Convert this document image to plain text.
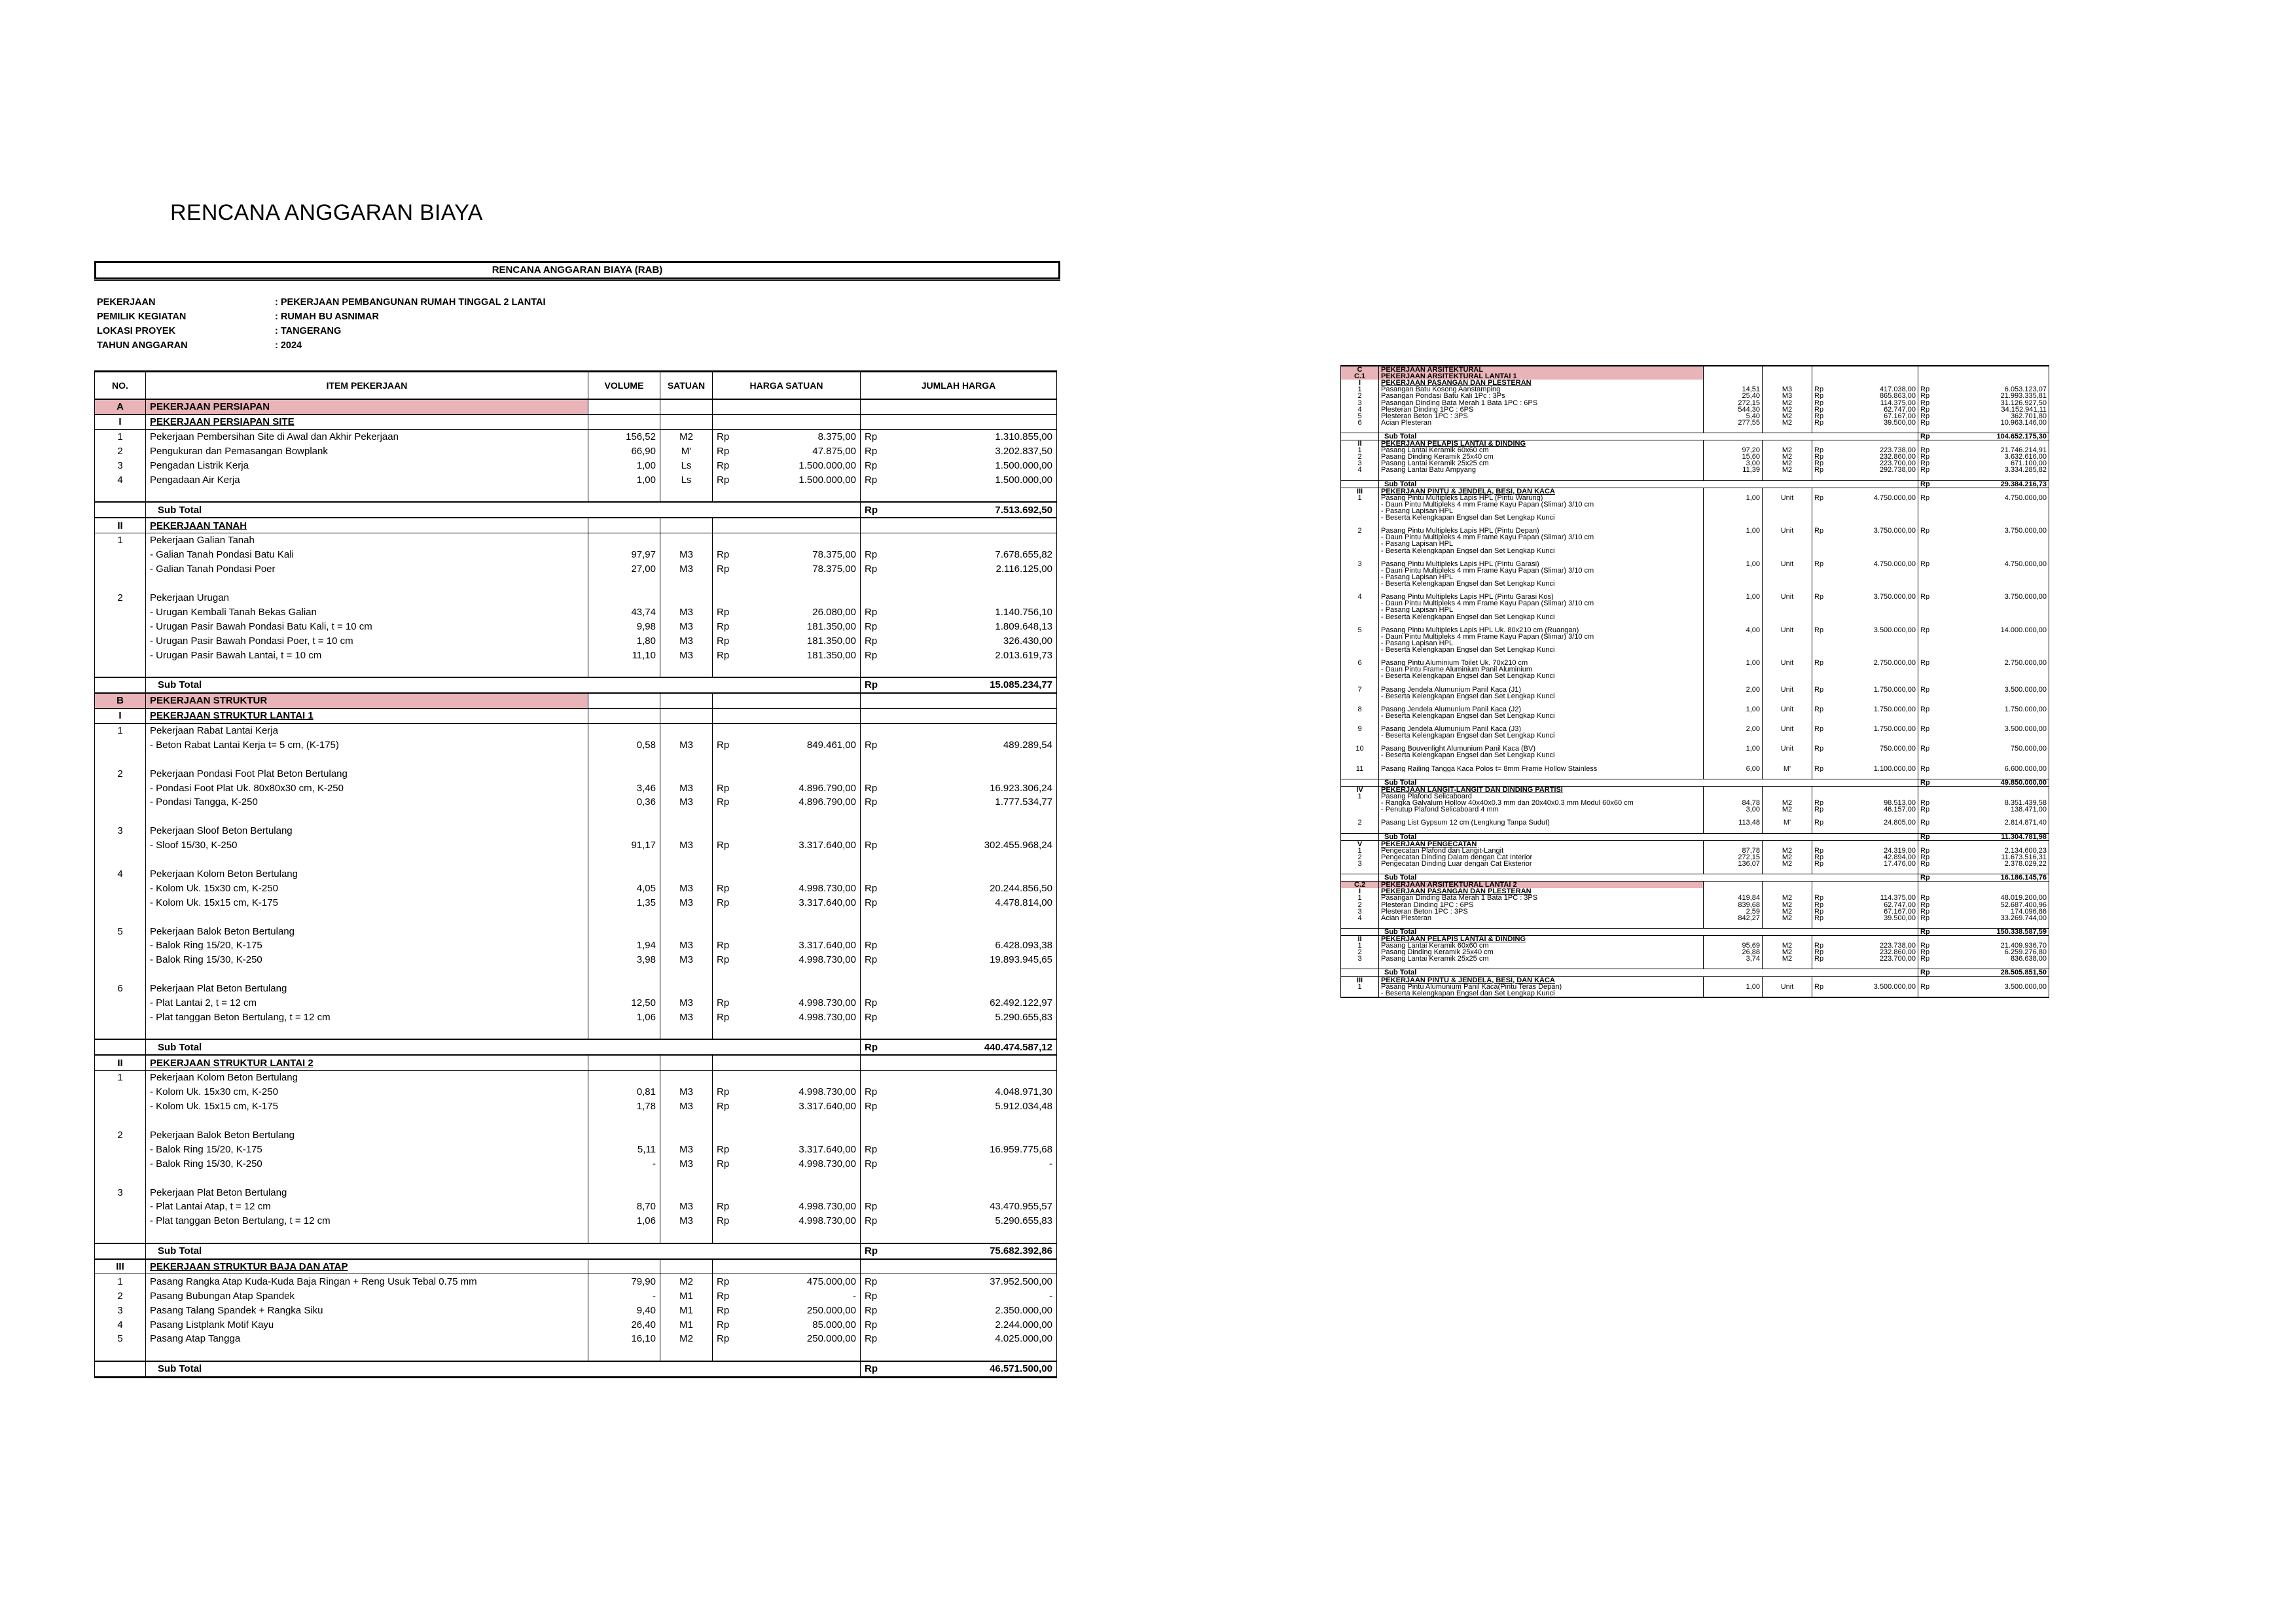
RENCANA ANGGARAN BIAYA
RENCANA ANGGARAN BIAYA (RAB)
PEKERJAAN	: PEKERJAAN PEMBANGUNAN RUMAH TINGGAL 2 LANTAI
PEMILIK KEGIATAN	: RUMAH BU ASNIMAR
LOKASI PROYEK	: TANGERANG
TAHUN ANGGARAN	: 2024
NO.	ITEM PEKERJAAN	VOLUME	SATUAN	HARGA SATUAN		JUMLAH HARGA	
A	PEKERJAAN PERSIAPAN						
I	PEKERJAAN PERSIAPAN SITE						
1	Pekerjaan Pembersihan Site di Awal dan Akhir Pekerjaan	156,52	M2	Rp	8.375,00	Rp	1.310.855,00
2	Pengukuran dan Pemasangan Bowplank	66,90	M'	Rp	47.875,00	Rp	3.202.837,50
3	Pengadan Listrik Kerja	1,00	Ls	Rp	1.500.000,00	Rp	1.500.000,00
4	Pengadaan Air Kerja	1,00	Ls	Rp	1.500.000,00	Rp	1.500.000,00

	Sub Total					Rp	7.513.692,50
II	PEKERJAAN TANAH						
1	Pekerjaan Galian Tanah						
	- Galian Tanah Pondasi Batu Kali	97,97	M3	Rp	78.375,00	Rp	7.678.655,82
	- Galian Tanah Pondasi Poer	27,00	M3	Rp	78.375,00	Rp	2.116.125,00

2	Pekerjaan Urugan						
	- Urugan Kembali Tanah Bekas Galian	43,74	M3	Rp	26.080,00	Rp	1.140.756,10
	- Urugan Pasir Bawah Pondasi Batu Kali, t = 10 cm	9,98	M3	Rp	181.350,00	Rp	1.809.648,13
	- Urugan Pasir Bawah Pondasi Poer, t = 10 cm	1,80	M3	Rp	181.350,00	Rp	326.430,00
	- Urugan Pasir Bawah Lantai, t = 10 cm	11,10	M3	Rp	181.350,00	Rp	2.013.619,73

	Sub Total					Rp	15.085.234,77
B	PEKERJAAN STRUKTUR						
I	PEKERJAAN STRUKTUR LANTAI 1						
1	Pekerjaan Rabat Lantai Kerja						
	- Beton Rabat Lantai Kerja t= 5 cm, (K-175)	0,58	M3	Rp	849.461,00	Rp	489.289,54

2	Pekerjaan Pondasi Foot Plat Beton Bertulang						
	- Pondasi Foot Plat Uk. 80x80x30 cm, K-250	3,46	M3	Rp	4.896.790,00	Rp	16.923.306,24
	- Pondasi Tangga, K-250	0,36	M3	Rp	4.896.790,00	Rp	1.777.534,77

3	Pekerjaan Sloof Beton Bertulang						
	- Sloof 15/30, K-250	91,17	M3	Rp	3.317.640,00	Rp	302.455.968,24

4	Pekerjaan Kolom Beton Bertulang						
	- Kolom Uk. 15x30 cm, K-250	4,05	M3	Rp	4.998.730,00	Rp	20.244.856,50
	- Kolom Uk. 15x15 cm, K-175	1,35	M3	Rp	3.317.640,00	Rp	4.478.814,00

5	Pekerjaan Balok Beton Bertulang						
	- Balok Ring 15/20, K-175	1,94	M3	Rp	3.317.640,00	Rp	6.428.093,38
	- Balok Ring 15/30, K-250	3,98	M3	Rp	4.998.730,00	Rp	19.893.945,65

6	Pekerjaan Plat Beton Bertulang						
	- Plat Lantai 2, t = 12 cm	12,50	M3	Rp	4.998.730,00	Rp	62.492.122,97
	- Plat tanggan Beton Bertulang, t = 12 cm	1,06	M3	Rp	4.998.730,00	Rp	5.290.655,83

	Sub Total					Rp	440.474.587,12
II	PEKERJAAN STRUKTUR LANTAI 2						
1	Pekerjaan Kolom Beton Bertulang						
	- Kolom Uk. 15x30 cm, K-250	0,81	M3	Rp	4.998.730,00	Rp	4.048.971,30
	- Kolom Uk. 15x15 cm, K-175	1,78	M3	Rp	3.317.640,00	Rp	5.912.034,48

2	Pekerjaan Balok Beton Bertulang						
	- Balok Ring 15/20, K-175	5,11	M3	Rp	3.317.640,00	Rp	16.959.775,68
	- Balok Ring 15/30, K-250	-	M3	Rp	4.998.730,00	Rp	-

3	Pekerjaan Plat Beton Bertulang						
	- Plat Lantai Atap, t = 12 cm	8,70	M3	Rp	4.998.730,00	Rp	43.470.955,57
	- Plat tanggan Beton Bertulang, t = 12 cm	1,06	M3	Rp	4.998.730,00	Rp	5.290.655,83

	Sub Total					Rp	75.682.392,86
III	PEKERJAAN STRUKTUR BAJA DAN ATAP						
1	Pasang Rangka Atap Kuda-Kuda Baja Ringan + Reng Usuk Tebal 0.75 mm	79,90	M2	Rp	475.000,00	Rp	37.952.500,00
2	Pasang Bubungan Atap Spandek	-	M1	Rp	-	Rp	-
3	Pasang Talang Spandek + Rangka Siku	9,40	M1	Rp	250.000,00	Rp	2.350.000,00
4	Pasang Listplank Motif Kayu	26,40	M1	Rp	85.000,00	Rp	2.244.000,00
5	Pasang Atap Tangga	16,10	M2	Rp	250.000,00	Rp	4.025.000,00

	Sub Total					Rp	46.571.500,00
C	PEKERJAAN ARSITEKTURAL						
C.1	PEKERJAAN ARSITEKTURAL LANTAI 1						
I	PEKERJAAN PASANGAN DAN PLESTERAN						
1	Pasangan Batu Kosong Aanstamping	14,51	M3	Rp	417.038,00	Rp	6.053.123,07
2	Pasangan Pondasi Batu Kali 1Pc : 3Ps	25,40	M3	Rp	865.863,00	Rp	21.993.335,81
3	Pasangan Dinding Bata Merah 1 Bata 1PC : 6PS	272,15	M2	Rp	114.375,00	Rp	31.126.927,50
4	Plesteran Dinding 1PC : 6PS	544,30	M2	Rp	62.747,00	Rp	34.152.941,11
5	Plesteran Beton 1PC : 3PS	5,40	M2	Rp	67.167,00	Rp	362.701,80
6	Acian Plesteran	277,55	M2	Rp	39.500,00	Rp	10.963.146,00

	Sub Total					Rp	104.652.175,30
II	PEKERJAAN PELAPIS LANTAI & DINDING						
1	Pasang Lantai Keramik 60x60 cm	97,20	M2	Rp	223.738,00	Rp	21.746.214,91
2	Pasang Dinding Keramik 25x40 cm	15,60	M2	Rp	232.860,00	Rp	3.632.616,00
3	Pasang Lantai Keramik 25x25 cm	3,00	M2	Rp	223.700,00	Rp	671.100,00
4	Pasang Lantai Batu Ampyang	11,39	M2	Rp	292.738,00	Rp	3.334.285,82

	Sub Total					Rp	29.384.216,73
III	PEKERJAAN PINTU & JENDELA, BESI, DAN KACA						
1	Pasang Pintu Multipleks Lapis HPL (Pintu Warung)	1,00	Unit	Rp	4.750.000,00	Rp	4.750.000,00
	- Daun Pintu Multipleks 4 mm Frame Kayu Papan (Slimar) 3/10 cm						
	- Pasang Lapisan HPL						
	- Beserta Kelengkapan Engsel dan Set Lengkap Kunci						

2	Pasang Pintu Multipleks Lapis HPL (Pintu Depan)	1,00	Unit	Rp	3.750.000,00	Rp	3.750.000,00
	- Daun Pintu Multipleks 4 mm Frame Kayu Papan (Slimar) 3/10 cm						
	- Pasang Lapisan HPL						
	- Beserta Kelengkapan Engsel dan Set Lengkap Kunci						

3	Pasang Pintu Multipleks Lapis HPL (Pintu Garasi)	1,00	Unit	Rp	4.750.000,00	Rp	4.750.000,00
	- Daun Pintu Multipleks 4 mm Frame Kayu Papan (Slimar) 3/10 cm						
	- Pasang Lapisan HPL						
	- Beserta Kelengkapan Engsel dan Set Lengkap Kunci						

4	Pasang Pintu Multipleks Lapis HPL (Pintu Garasi Kos)	1,00	Unit	Rp	3.750.000,00	Rp	3.750.000,00
	- Daun Pintu Multipleks 4 mm Frame Kayu Papan (Slimar) 3/10 cm						
	- Pasang Lapisan HPL						
	- Beserta Kelengkapan Engsel dan Set Lengkap Kunci						

5	Pasang Pintu Multipleks Lapis HPL Uk. 80x210 cm (Ruangan)	4,00	Unit	Rp	3.500.000,00	Rp	14.000.000,00
	- Daun Pintu Multipleks 4 mm Frame Kayu Papan (Slimar) 3/10 cm						
	- Pasang Lapisan HPL						
	- Beserta Kelengkapan Engsel dan Set Lengkap Kunci						

6	Pasang Pintu Aluminium Toilet Uk. 70x210 cm	1,00	Unit	Rp	2.750.000,00	Rp	2.750.000,00
	- Daun Pintu Frame Aluminium Panil Aluminium						
	- Beserta Kelengkapan Engsel dan Set Lengkap Kunci						

7	Pasang Jendela Alumunium Panil Kaca (J1)	2,00	Unit	Rp	1.750.000,00	Rp	3.500.000,00
	- Beserta Kelengkapan Engsel dan Set Lengkap Kunci						

8	Pasang Jendela Alumunium Panil Kaca (J2)	1,00	Unit	Rp	1.750.000,00	Rp	1.750.000,00
	- Beserta Kelengkapan Engsel dan Set Lengkap Kunci						

9	Pasang Jendela Alumunium Panil Kaca (J3)	2,00	Unit	Rp	1.750.000,00	Rp	3.500.000,00
	- Beserta Kelengkapan Engsel dan Set Lengkap Kunci						

10	Pasang Bouvenlight Alumunium Panil Kaca (BV)	1,00	Unit	Rp	750.000,00	Rp	750.000,00
	- Beserta Kelengkapan Engsel dan Set Lengkap Kunci						

11	Pasang Railing Tangga Kaca Polos t= 8mm Frame Hollow Stainless	6,00	M'	Rp	1.100.000,00	Rp	6.600.000,00

	Sub Total					Rp	49.850.000,00
IV	PEKERJAAN LANGIT-LANGIT DAN DINDING PARTISI						
1	Pasang Plafond Selicaboard						
	- Rangka Galvalum Hollow 40x40x0.3 mm dan 20x40x0.3 mm Modul 60x60 cm	84,78	M2	Rp	98.513,00	Rp	8.351.439,58
	- Penutup Plafond Selicaboard 4 mm	3,00	M2	Rp	46.157,00	Rp	138.471,00

2	Pasang List Gypsum 12 cm (Lengkung Tanpa Sudut)	113,48	M'	Rp	24.805,00	Rp	2.814.871,40

	Sub Total					Rp	11.304.781,98
V	PEKERJAAN PENGECATAN						
1	Pengecatan Plafond dan Langit-Langit	87,78	M2	Rp	24.319,00	Rp	2.134.600,23
2	Pengecatan Dinding Dalam dengan Cat Interior	272,15	M2	Rp	42.894,00	Rp	11.673.516,31
3	Pengecatan Dinding Luar dengan Cat Eksterior	136,07	M2	Rp	17.476,00	Rp	2.378.029,22

	Sub Total					Rp	16.186.145,76
C.2	PEKERJAAN ARSITEKTURAL LANTAI 2						
I	PEKERJAAN PASANGAN DAN PLESTERAN						
1	Pasangan Dinding Bata Merah 1 Bata 1PC : 3PS	419,84	M2	Rp	114.375,00	Rp	48.019.200,00
2	Plesteran Dinding 1PC : 6PS	839,68	M2	Rp	62.747,00	Rp	52.687.400,96
3	Plesteran Beton 1PC : 3PS	2,59	M2	Rp	67.167,00	Rp	174.096,86
4	Acian Plesteran	842,27	M2	Rp	39.500,00	Rp	33.269.744,00

	Sub Total					Rp	150.338.587,59
II	PEKERJAAN PELAPIS LANTAI & DINDING						
1	Pasang Lantai Keramik 60x60 cm	95,69	M2	Rp	223.738,00	Rp	21.409.936,70
2	Pasang Dinding Keramik 25x40 cm	26,88	M2	Rp	232.860,00	Rp	6.259.276,80
3	Pasang Lantai Keramik 25x25 cm	3,74	M2	Rp	223.700,00	Rp	836.638,00

	Sub Total					Rp	28.505.851,50
III	PEKERJAAN PINTU & JENDELA, BESI, DAN KACA						
1	Pasang Pintu Alumunium Panil Kaca(Pintu Teras Depan)	1,00	Unit	Rp	3.500.000,00	Rp	3.500.000,00
	- Beserta Kelengkapan Engsel dan Set Lengkap Kunci						
